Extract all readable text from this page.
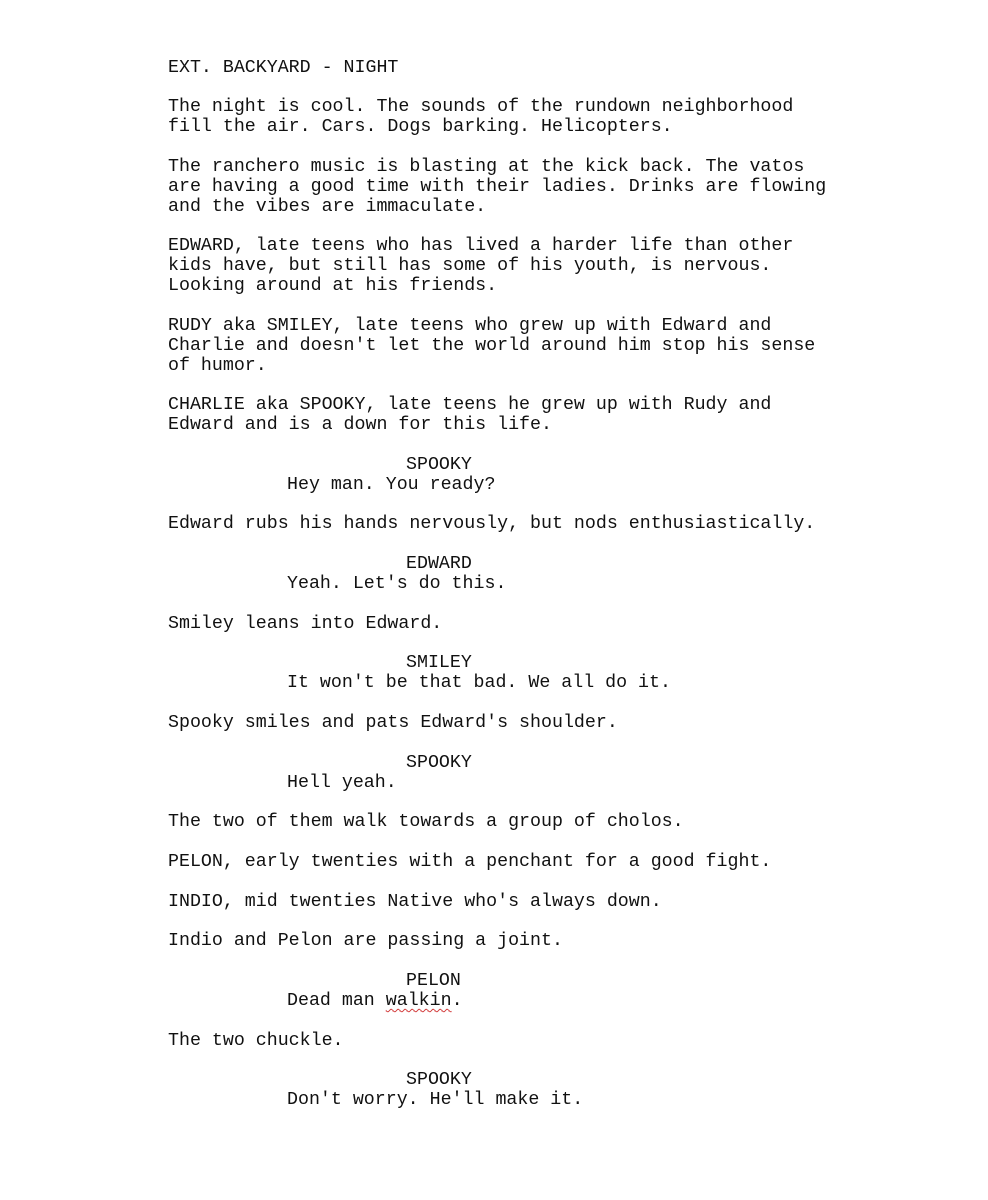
EXT. BACKYARD - NIGHT
The night is cool. The sounds of the rundown neighborhood
fill the air. Cars. Dogs barking. Helicopters.
The ranchero music is blasting at the kick back. The vatos
are having a good time with their ladies. Drinks are flowing
and the vibes are immaculate.
EDWARD, late teens who has lived a harder life than other
kids have, but still has some of his youth, is nervous.
Looking around at his friends.
RUDY aka SMILEY, late teens who grew up with Edward and
Charlie and doesn't let the world around him stop his sense
of humor.
CHARLIE aka SPOOKY, late teens he grew up with Rudy and
Edward and is a down for this life.
SPOOKY
Hey man. You ready?
Edward rubs his hands nervously, but nods enthusiastically.
EDWARD
Yeah. Let's do this.
Smiley leans into Edward.
SMILEY
It won't be that bad. We all do it.
Spooky smiles and pats Edward's shoulder.
SPOOKY
Hell yeah.
The two of them walk towards a group of cholos.
PELON, early twenties with a penchant for a good fight.
INDIO, mid twenties Native who's always down.
Indio and Pelon are passing a joint.
PELON
Dead man walkin.
The two chuckle.
SPOOKY
Don't worry. He'll make it.
